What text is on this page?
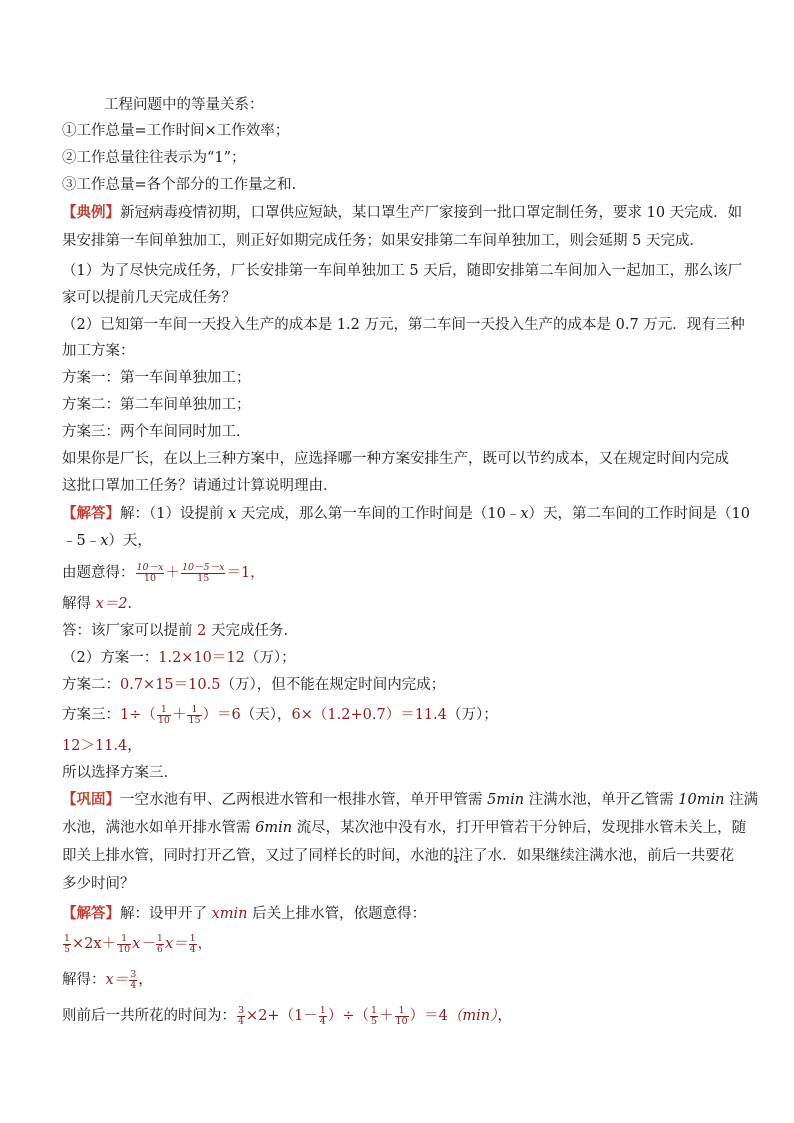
工程问题中的等量关系：
①工作总量=工作时间×工作效率；
②工作总量往往表示为“1”；
③工作总量=各个部分的工作量之和.
【典例】新冠病毒疫情初期，口罩供应短缺，某口罩生产厂家接到一批口罩定制任务，要求 10 天完成．如
果安排第一车间单独加工，则正好如期完成任务；如果安排第二车间单独加工，则会延期 5 天完成．
（1）为了尽快完成任务，厂长安排第一车间单独加工 5 天后，随即安排第二车间加入一起加工，那么该厂
家可以提前几天完成任务？
（2）已知第一车间一天投入生产的成本是 1.2 万元，第二车间一天投入生产的成本是 0.7 万元．现有三种
加工方案：
方案一：第一车间单独加工；
方案二：第二车间单独加工；
方案三：两个车间同时加工．
如果你是厂长，在以上三种方案中，应选择哪一种方案安排生产，既可以节约成本，又在规定时间内完成
这批口罩加工任务？请通过计算说明理由．
【解答】解：（1）设提前 x 天完成，那么第一车间的工作时间是（10﹣x）天，第二车间的工作时间是（10
﹣5﹣x）天，
由题意得： $\frac{10-x}{10} + \frac{10-5-x}{15} =1$，
解得 x＝2．
答：该厂家可以提前 2 天完成任务．
（2）方案一：1.2×10＝12（万）；
方案二：0.7×15＝10.5（万），但不能在规定时间内完成；
方案三：$1\div( \frac{1}{10} + \frac{1}{15} )=6$（天），6×（1.2+0.7）＝11.4（万）；
12＞11.4，
所以选择方案三．
【巩固】一空水池有甲、乙两根进水管和一根排水管，单开甲管需 5min 注满水池，单开乙管需 10min 注满
水池，满池水如单开排水管需 6min 流尽，某次池中没有水，打开甲管若干分钟后，发现排水管未关上，随
即关上排水管，同时打开乙管，又过了同样长的时间，水池的 $\frac{1}{4}$ 注了水．如果继续注满水池，前后一共要花
多少时间？
【解答】解：设甲开了 xmin 后关上排水管，依题意得：
$\frac{1}{5} \times 2x+ \frac{1}{10} x- \frac{1}{6} x= \frac{1}{4}$ ，
解得：$x= \frac{3}{4}$ ，
则前后一共所花的时间为： $\frac{3}{4} \times 2+(1- \frac{1}{4}$ ）÷（ $\frac{1}{5} + \frac{1}{10} )=4(\min)$，
